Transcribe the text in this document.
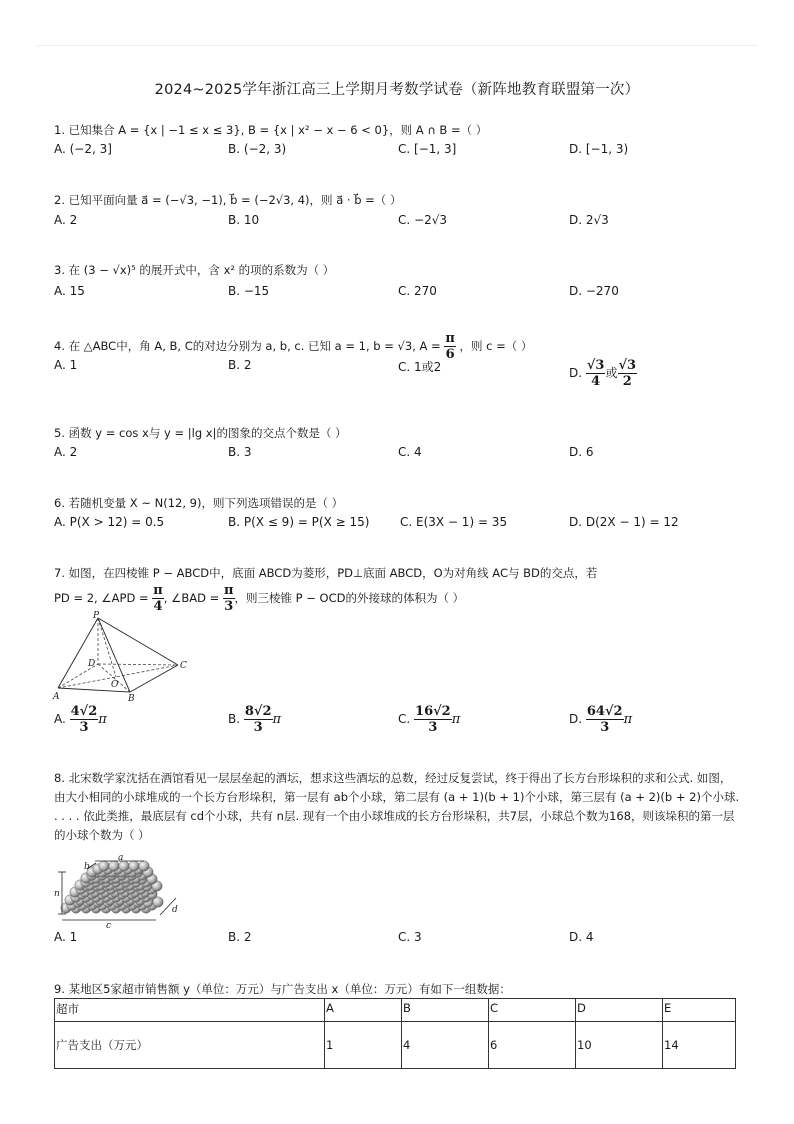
2024~2025学年浙江高三上学期月考数学试卷（新阵地教育联盟第一次）
1. 已知集合 A = {x | −1 ≤ x ≤ 3}, B = {x | x² − x − 6 < 0}，则 A ∩ B =（ ）
A. (−2, 3]	B. (−2, 3)	C. [−1, 3]	D. [−1, 3)
2. 已知平面向量 a⃗ = (−√3, −1), b⃗ = (−2√3, 4)，则 a⃗ · b⃗ =（ ）
A. 2	B. 10	C. −2√3	D. 2√3
3. 在 (3 − √x)⁵ 的展开式中，含 x² 的项的系数为（ ）
A. 15	B. −15	C. 270	D. −270
4. 在 △ABC中，角 A, B, C的对边分别为 a, b, c. 已知 a = 1, b = √3, $A = \frac{\pi}{6}$ ，则 c =（ ）
A. 1	B. 2	C. 1或2	D. $\frac{√3}{4}$ 或 $\frac{√3}{2}$
5. 函数 y = cos x与 y = |lg x|的图象的交点个数是（ ）
A. 2	B. 3	C. 4	D. 6
6. 若随机变量 X ~ N(12, 9)，则下列选项错误的是（ ）
A. P(X > 12) = 0.5	B. P(X ≤ 9) = P(X ≥ 15)	C. E(3X − 1) = 35	D. D(2X − 1) = 12
7. 如图，在四棱锥 P − ABCD中，底面 ABCD为菱形，PD⊥底面 ABCD，O为对角线 AC与 BD的交点，若
PD = 2, ∠APD = $\frac{\pi}{4}$ , ∠BAD = $\frac{\pi}{3}$ ，则三棱锥 P − OCD的外接球的体积为（ ）
P
D	C
O
A	B
A. $\frac{4√2}{3}$ π	B. $\frac{8√2}{3}$ π	C. $\frac{16√2}{3}$ π	D. $\frac{64√2}{3}$ π
8. 北宋数学家沈括在酒馆看见一层层垒起的酒坛，想求这些酒坛的总数，经过反复尝试，终于得出了长方台形垛积的求和公式. 如图，由大小相同的小球堆成的一个长方台形垛积，第一层有 ab个小球，第二层有 (a + 1)(b + 1)个小球，第三层有 (a + 2)(b + 2)个小球. . . . . 依此类推，最底层有 cd个小球，共有 n层. 现有一个由小球堆成的长方台形垛积，共7层，小球总个数为168，则该垛积的第一层的小球个数为（ ）
a
b
n
c
d
A. 1	B. 2	C. 3	D. 4
9. 某地区5家超市销售额 y（单位：万元）与广告支出 x（单位：万元）有如下一组数据：
超市	A	B	C	D	E
广告支出（万元）	1	4	6	10	14
